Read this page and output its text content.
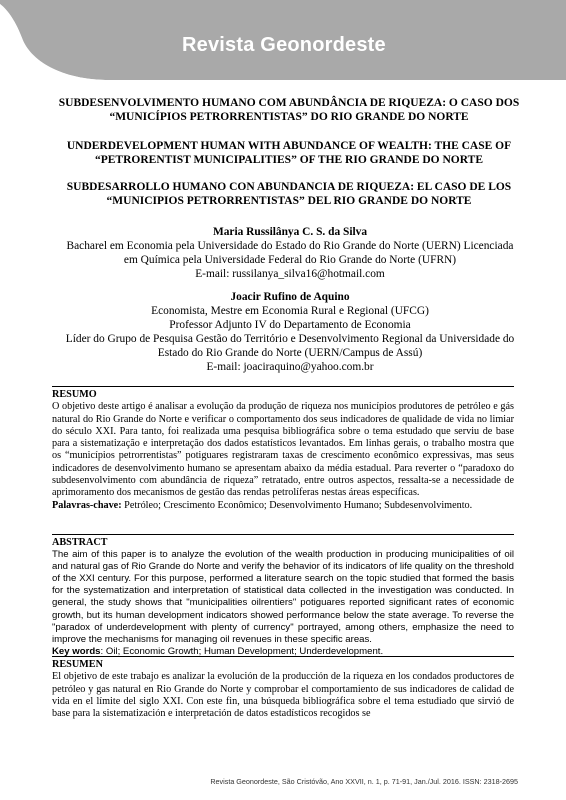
Revista Geonordeste
SUBDESENVOLVIMENTO HUMANO COM ABUNDÂNCIA DE RIQUEZA: O CASO DOS “MUNICÍPIOS PETRORRENTISTAS” DO RIO GRANDE DO NORTE
UNDERDEVELOPMENT HUMAN WITH ABUNDANCE OF WEALTH: THE CASE OF “PETRORENTIST MUNICIPALITIES” OF THE RIO GRANDE DO NORTE
SUBDESARROLLO HUMANO CON ABUNDANCIA DE RIQUEZA: EL CASO DE LOS “MUNICIPIOS PETRORRENTISTAS” DEL RIO GRANDE DO NORTE
Maria Russilânya C. S. da Silva
Bacharel em Economia pela Universidade do Estado do Rio Grande do Norte (UERN) Licenciada
em Química pela Universidade Federal do Rio Grande do Norte (UFRN)
E-mail: russilanya_silva16@hotmail.com
Joacir Rufino de Aquino
Economista, Mestre em Economia Rural e Regional (UFCG)
Professor Adjunto IV do Departamento de Economia
Líder do Grupo de Pesquisa Gestão do Território e Desenvolvimento Regional da Universidade do
Estado do Rio Grande do Norte (UERN/Campus de Assú)
E-mail: joaciraquino@yahoo.com.br
RESUMO
O objetivo deste artigo é analisar a evolução da produção de riqueza nos municípios produtores de petróleo e gás natural do Rio Grande do Norte e verificar o comportamento dos seus indicadores de qualidade de vida no limiar do século XXI. Para tanto, foi realizada uma pesquisa bibliográfica sobre o tema estudado que serviu de base para a sistematização e interpretação dos dados estatísticos levantados. Em linhas gerais, o trabalho mostra que os “municípios petrorrentistas” potiguares registraram taxas de crescimento econômico expressivas, mas seus indicadores de desenvolvimento humano se apresentam abaixo da média estadual. Para reverter o “paradoxo do subdesenvolvimento com abundância de riqueza” retratado, entre outros aspectos, ressalta-se a necessidade de aprimoramento dos mecanismos de gestão das rendas petrolíferas nestas áreas específicas.
Palavras-chave: Petróleo; Crescimento Econômico; Desenvolvimento Humano; Subdesenvolvimento.
ABSTRACT
The aim of this paper is to analyze the evolution of the wealth production in producing municipalities of oil and natural gas of Rio Grande do Norte and verify the behavior of its indicators of life quality on the threshold of the XXI century. For this purpose, performed a literature search on the topic studied that formed the basis for the systematization and interpretation of statistical data collected in the investigation was conducted. In general, the study shows that "municipalities oilrentiers" potiguares reported significant rates of economic growth, but its human development indicators showed performance below the state average. To reverse the "paradox of underdevelopment with plenty of currency" portrayed, among others, emphasize the need to improve the mechanisms for managing oil revenues in these specific areas.
Key words: Oil; Economic Growth; Human Development; Underdevelopment.
RESUMEN
El objetivo de este trabajo es analizar la evolución de la producción de la riqueza en los condados productores de petróleo y gas natural en Rio Grande do Norte y comprobar el comportamiento de sus indicadores de calidad de vida en el límite del siglo XXI. Con este fin, una búsqueda bibliográfica sobre el tema estudiado que sirvió de base para la sistematización e interpretación de datos estadísticos recogidos se
Revista Geonordeste, São Cristóvão, Ano XXVII, n. 1, p. 71-91, Jan./Jul. 2016. ISSN: 2318-2695
